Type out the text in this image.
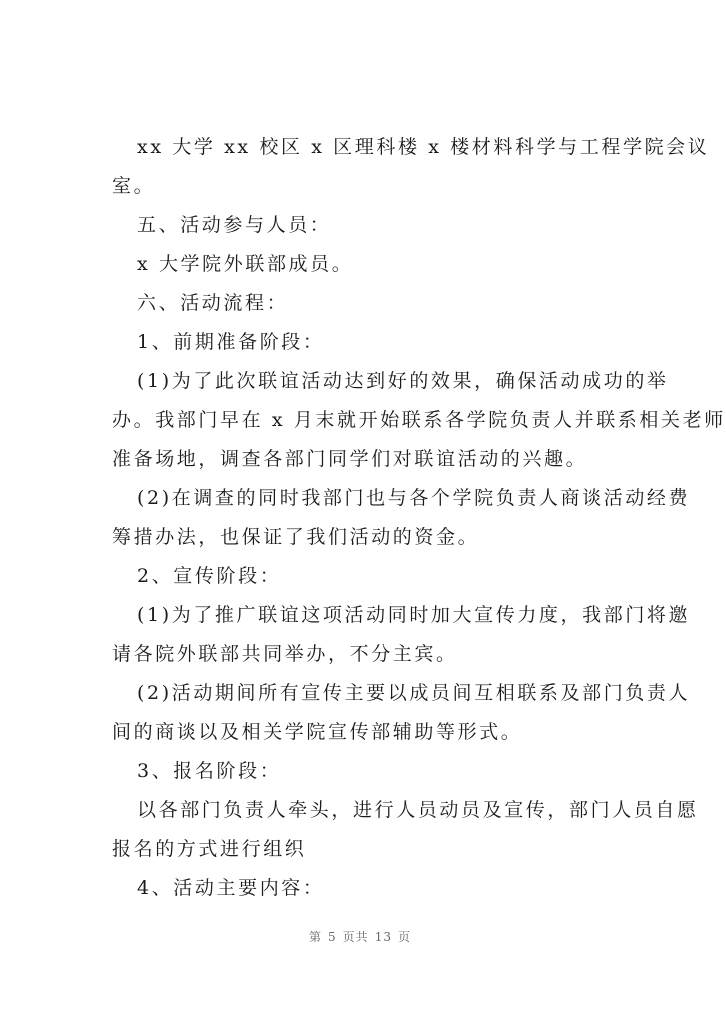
xx 大学 xx 校区 x 区理科楼 x 楼材料科学与工程学院会议
室。
五、活动参与人员：
x 大学院外联部成员。
六、活动流程：
1、前期准备阶段：
(1)为了此次联谊活动达到好的效果，确保活动成功的举
办。我部门早在 x 月末就开始联系各学院负责人并联系相关老师
准备场地，调查各部门同学们对联谊活动的兴趣。
(2)在调查的同时我部门也与各个学院负责人商谈活动经费
筹措办法，也保证了我们活动的资金。
2、宣传阶段：
(1)为了推广联谊这项活动同时加大宣传力度，我部门将邀
请各院外联部共同举办，不分主宾。
(2)活动期间所有宣传主要以成员间互相联系及部门负责人
间的商谈以及相关学院宣传部辅助等形式。
3、报名阶段：
以各部门负责人牵头，进行人员动员及宣传，部门人员自愿
报名的方式进行组织
4、活动主要内容：
第 5 页共 13 页
